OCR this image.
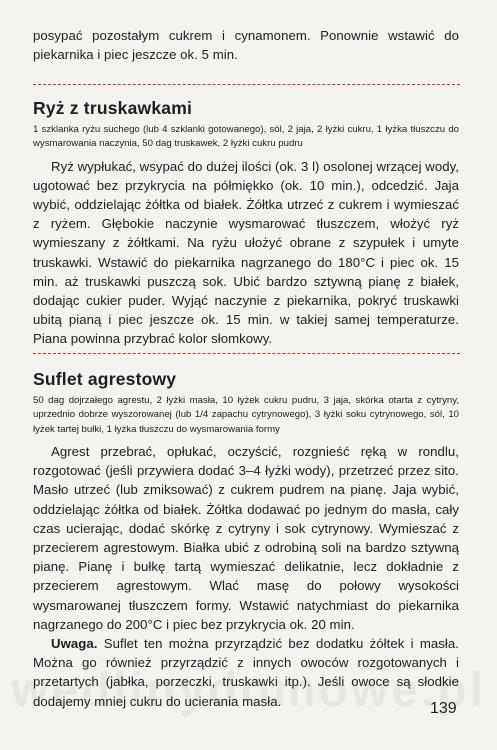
posypać pozostałym cukrem i cynamonem. Ponownie wstawić do piekarnika i piec jeszcze ok. 5 min.

Ryż z truskawkami

1 szklanka ryżu suchego (lub 4 szklanki gotowanego), sól, 2 jaja, 2 łyżki cukru, 1 łyżka tłuszczu do wysmarowania naczynia, 50 dag truskawek, 2 łyżki cukru pudru

Ryż wypłukać, wsypać do dużej ilości (ok. 3 l) osolonej wrzącej wody, ugotować bez przykrycia na półmiękko (ok. 10 min.), odcedzić. Jaja wybić, oddzielając żółtka od białek. Żółtka utrzeć z cukrem i wymieszać z ryżem. Głębokie naczynie wysmarować tłuszczem, włożyć ryż wymieszany z żółtkami. Na ryżu ułożyć obrane z szypułek i umyte truskawki. Wstawić do piekarnika nagrzanego do 180°C i piec ok. 15 min. aż truskawki puszczą sok. Ubić bardzo sztywną pianę z białek, dodając cukier puder. Wyjąć naczynie z piekarnika, pokryć truskawki ubitą pianą i piec jeszcze ok. 15 min. w takiej samej temperaturze. Piana powinna przybrać kolor słomkowy.

Suflet agrestowy

50 dag dojrzałego agrestu, 2 łyżki masła, 10 łyżek cukru pudru, 3 jaja, skórka otarta z cytryny, uprzednio dobrze wyszorowanej (lub 1/4 zapachu cytrynowego), 3 łyżki soku cytrynowego, sól, 10 łyżek tartej bułki, 1 łyżka tłuszczu do wysmarowania formy

Agrest przebrać, opłukać, oczyścić, rozgnieść ręką w rondlu, rozgotować (jeśli przywiera dodać 3–4 łyżki wody), przetrzeć przez sito. Masło utrzeć (lub zmiksować) z cukrem pudrem na pianę. Jaja wybić, oddzielając żółtka od białek. Żółtka dodawać po jednym do masła, cały czas ucierając, dodać skórkę z cytryny i sok cytrynowy. Wymieszać z przecierem agrestowym. Białka ubić z odrobiną soli na bardzo sztywną pianę. Pianę i bułkę tartą wymieszać delikatnie, lecz dokładnie z przecierem agrestowym. Wlać masę do połowy wysokości wysmarowanej tłuszczem formy. Wstawić natychmiast do piekarnika nagrzanego do 200°C i piec bez przykrycia ok. 20 min.

Uwaga. Suflet ten można przyrządzić bez dodatku żółtek i masła. Można go również przyrządzić z innych owoców rozgotowanych i przetartych (jabłka, porzeczki, truskawki itp.). Jeśli owoce są słodkie dodajemy mniej cukru do ucierania masła.	139
